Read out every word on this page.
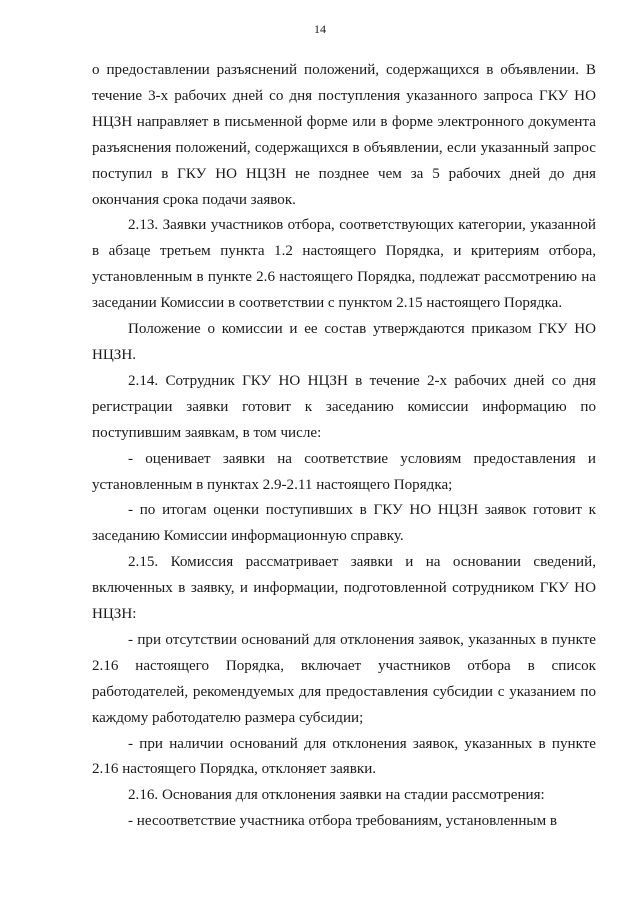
14

о предоставлении разъяснений положений, содержащихся в объявлении. В течение 3-х рабочих дней со дня поступления указанного запроса ГКУ НО НЦЗН направляет в письменной форме или в форме электронного документа разъяснения положений, содержащихся в объявлении, если указанный запрос поступил в ГКУ НО НЦЗН не позднее чем за 5 рабочих дней до дня окончания срока подачи заявок.

2.13. Заявки участников отбора, соответствующих категории, указанной в абзаце третьем пункта 1.2 настоящего Порядка, и критериям отбора, установленным в пункте 2.6 настоящего Порядка, подлежат рассмотрению на заседании Комиссии в соответствии с пунктом 2.15 настоящего Порядка.

Положение о комиссии и ее состав утверждаются приказом ГКУ НО НЦЗН.

2.14. Сотрудник ГКУ НО НЦЗН в течение 2-х рабочих дней со дня регистрации заявки готовит к заседанию комиссии информацию по поступившим заявкам, в том числе:

- оценивает заявки на соответствие условиям предоставления и установленным в пунктах 2.9-2.11 настоящего Порядка;

- по итогам оценки поступивших в ГКУ НО НЦЗН заявок готовит к заседанию Комиссии информационную справку.

2.15. Комиссия рассматривает заявки и на основании сведений, включенных в заявку, и информации, подготовленной сотрудником ГКУ НО НЦЗН:

- при отсутствии оснований для отклонения заявок, указанных в пункте 2.16 настоящего Порядка, включает участников отбора в список работодателей, рекомендуемых для предоставления субсидии с указанием по каждому работодателю размера субсидии;

- при наличии оснований для отклонения заявок, указанных в пункте 2.16 настоящего Порядка, отклоняет заявки.

2.16. Основания для отклонения заявки на стадии рассмотрения:

- несоответствие участника отбора требованиям, установленным в
